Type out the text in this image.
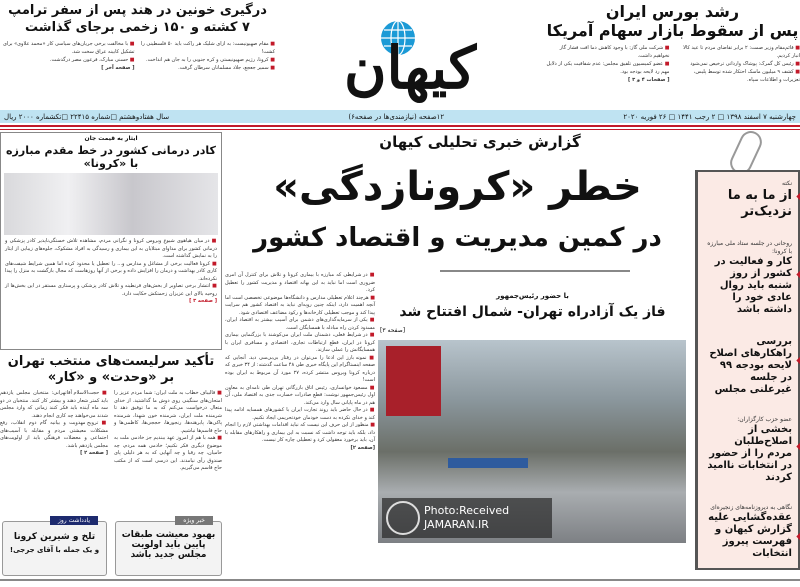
درگیری خونین در هند پس از سفر ترامپ
۷ کشته و ۱۵۰ زخمی برجای گذاشت
■ مقام صهیونیست: به ازای شلیک هر راکت باید ۵۰ فلسطینی را کشت!
■ کرونا، رژیم صهیونیستی و کره جنوبی را به جان هم انداخت.
■ سمیر جعجع، جلاد مسلمانان سرطان گرفت.
■ با مخالفت برخی جریان‌های سیاسی کار «محمد علاوی» برای تشکیل کابینه عراق سخت شد.
■ حسنی مبارک، فرعون مصر درگذشت.
[ صفحه آخر ]	کیهان
رشد بورس ایران
پس از سقوط بازار سهام آمریکا
■ قائم‌مقام وزیر صمت: ۲ برابر تقاضای مردم تا عید کالا انبار کردیم.
■ رئیس کل گمرک: پوشاک وارداتی ترخیص نمی‌شود
■ کشف ۹ میلیون ماسک احتکار شده توسط پلیس، تعزیرات و اطلاعات سپاه.
■ شرکت ملی گاز: با وجود کاهش دما افت فشار گاز نخواهیم داشت.
■ عضو کمیسیون تلفیق مجلس: عدم شفافیت یکی از دلایل مهم رد لایحه بودجه بود.
[ صفحات ۴ و ۳ ]
چهارشنبه ۷ اسفند ۱۳۹۸ □ ۲ رجب ۱۴۴۱ □ ۲۶ فوریه ۲۰۲۰
۱۲صفحه (نیازمندی‌ها در صفحه۶)
سال هفتادوهشتم □شماره ۲۲۴۱۵ □تکشماره ۲۰۰۰ ریال
گزارش خبری تحلیلی کیهان
خطر «کرونازدگی»
در کمین مدیریت و اقتصاد کشور

■ در شرایطی که مبارزه با بیماری کرونا و تلاش برای کنترل آن امری ضروری است اما نباید به این بهانه اقتصاد و مدیریت کشور را تعطیل کرد.

■ هرچند اعلام تعطیلی مدارس و دانشگاه‌ها موضوعی تخصصی است اما آنچه اهمیت دارد، اینکه چنین رویه‌ای نباید به اقتصاد کشور هم سرایت پیدا کند و موجب تعطیلی کارخانه‌ها و رکود مضاعف اقتصادی شود.

■ یکی از سرمایه‌گذاری‌های دشمن برای آسیب بیشتر به اقتصاد ایران، مسدود کردن راه مبادله با همسایگان است.

■ در شرایط فعلی، دشمنان ملت ایران می‌کوشند با بزرگنمایی بیماری کرونا در ایران، قطع ارتباطات تجاری، اقتصادی و مسافری ایران با همسایگانش را عملی سازند.

■ نمونه بارز این ادعا را می‌توان در رفتار بی‌بی‌سی دید. آنجایی که صفحه اینستاگرام این پایگاه خبری طی ۴۸ ساعت گذشته: از ۳۴ خبری که درباره کرونا ویروس منتشر کرده، ۲۷ مورد آن مربوط به ایران بوده است!

■ مسعود خوانساری، رئیس اتاق بازرگانی تهران طی نامه‌ای به معاون اول رئیس‌جمهور نوشت: قطع صادرات خسارت جدی به اقتصاد ملی، آن هم در ماه پایانی سال وارد می‌کند.

■ در حال حاضر باید روند تجارت ایران با کشورهای همسایه ادامه پیدا کند و خدای نکرده به دست خودمان خودتحریمی ایجاد نکنیم.

■ منظور از این حرف این نیست که نباید اقدامات بهداشتی لازم را انجام داد، بلکه باید توجه داشت که نسبت به این بیماری و راهکارهای مقابله با آن، باید برخورد معقولی کرد و تعطیلی چاره کار نیست.

[صفحه ۲]

با حضور رئیس‌جمهور
فاز یک آزادراه تهران- شمال افتتاح شد
[صفحه ۳]
Photo:Received
JAMARAN.IR
ایثار به قیمت جان
کادر درمانی کشور در خط مقدم مبارزه با «کرونا»

■ در میان هیاهوی شیوع ویروس کرونا و نگرانی مردم، مشاهده تلاش خستگی‌ناپذیر کادر پزشکی و درمانی کشور برای مداوای مبتلایان به این بیماری و رسیدگی به افراد مشکوک، جلوه‌های زیبایی از ایثار را به نمایش گذاشته است.

■ کرونا فعالیت برخی از مشاغل و مدارس و... را تعطیل یا محدود کرده اما همین شرایط شیفت‌های کاری کادر بهداشت و درمان را افزایش داده و برخی از آنها روزهاست که مجال بازگشت به منزل را پیدا نکرده‌اند.

■ انتشار برخی تصاویر از بخش‌های قرنطینه و تلاش کادر پزشکی و پرستاری مستقر در این بخش‌ها از روحیه بالای این عزیزان زحمتکش حکایت دارد.

[ صفحه ۳ ]

تأکید سرلیست‌های منتخب تهران
بر «وحدت» و «کار»

■ قالیباف خطاب به ملت ایران: شما مردم عزیز را امتحان‌های سنگینی روی دوش ما گذاشتید. از خدای متعال درخواست می‌کنم که به ما توفیق دهد تا شرمنده ملت ایران، شرمنده خون شهدا، شرمنده پاکی‌ها، پابرهنه‌ها، رنجورها، حججی‌ها، کاظمی‌ها و حاج قاسم‌ها نباشیم.

■ همه با هم از امروز عهد ببندیم جز خادمی ملت به موضوع دیگری فکر نکنیم؛ خادمی همه مردم، چه حامیان، چه رقبا و چه آنهایی که به هر دلیلی پای صندوق رأی نیامدند. این درسی است که از مکتب حاج قاسم می‌گیریم.

■ حجت‌الاسلام آقاتهرانی: منتخبان مجلس یازدهم باید کمتر شعار دهند و بیشتر کار کنند. منتخبان در دو سه ماه آینده باید فکر کنند زمانی که وارد مجلس شدند می‌خواهند چه کاری انجام دهند.

■ ترویج مهدویت و بیانیه گام دوم انقلاب، رفع مشکلات معیشتی مردم و مقابله با آسیب‌های اجتماعی و معضلات فرهنگی باید از اولویت‌های مجلس یازدهم باشد.

[ صفحه ۲ ]

خبر ویژه
بهبود معیشت طبقات پایین باید اولویت مجلس جدید باشد
یادداشت روز
تلخ و شیرین کرونا
و یک جمله با آقای جرجی!
نکته
از ما به ما نزدیک‌تر
روحانی در جلسه ستاد ملی مبارزه با کرونا:
کار و فعالیت در کشور از روز شنبه باید روال عادی خود را داشته باشد
بررسی راهکارهای اصلاح لایحه بودجه ۹۹ در جلسه غیرعلنی مجلس
عضو حزب کارگزاران:
بخشی از اصلاح‌طلبان مردم را از حضور در انتخابات ناامید کردند
نگاهی به دیروزنامه‌های زنجیره‌ای
عقده‌گشایی علیه گزارش کیهان و فهرست پیروز انتخابات
